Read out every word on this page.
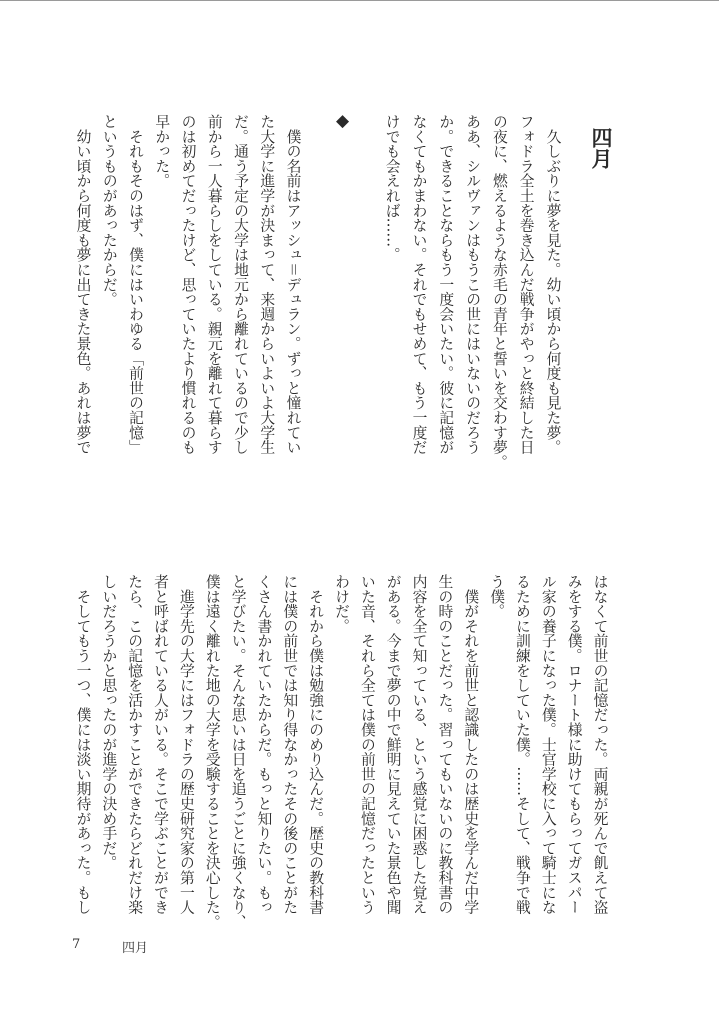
四月
◆	　久しぶりに夢を見た。幼い頃から何度も見た夢。
フォドラ全土を巻き込んだ戦争がやっと終結した日
の夜に、燃えるような赤毛の青年と誓いを交わす夢。
ああ、シルヴァンはもうこの世にはいないのだろう
か。できることならもう一度会いたい。彼に記憶が
なくてもかまわない。それでもせめて、もう一度だ
けでも会えれば……。
　僕の名前はアッシュ＝デュラン。ずっと憧れてい
た大学に進学が決まって、来週からいよいよ大学生
だ。通う予定の大学は地元から離れているので少し
前から一人暮らしをしている。親元を離れて暮らす
のは初めてだったけど、思っていたより慣れるのも
早かった。
　それもそのはず、僕にはいわゆる「前世の記憶」
というものがあったからだ。
　幼い頃から何度も夢に出てきた景色。あれは夢で
はなくて前世の記憶だった。両親が死んで飢えて盗
みをする僕。ロナート様に助けてもらってガスパー
ル家の養子になった僕。士官学校に入って騎士にな
るために訓練をしていた僕。……そして、戦争で戦
う僕。
　僕がそれを前世と認識したのは歴史を学んだ中学
生の時のことだった。習ってもいないのに教科書の
内容を全て知っている、という感覚に困惑した覚え
がある。今まで夢の中で鮮明に見えていた景色や聞
いた音、それら全ては僕の前世の記憶だったという
わけだ。
　それから僕は勉強にのめり込んだ。歴史の教科書
には僕の前世では知り得なかったその後のことがた
くさん書かれていたからだ。もっと知りたい。もっ
と学びたい。そんな思いは日を追うごとに強くなり、
僕は遠く離れた地の大学を受験することを決心した。
　進学先の大学にはフォドラの歴史研究家の第一人
者と呼ばれている人がいる。そこで学ぶことができ
たら、この記憶を活かすことができたらどれだけ楽
しいだろうかと思ったのが進学の決め手だ。
　そしてもう一つ、僕には淡い期待があった。もし
7	四月
